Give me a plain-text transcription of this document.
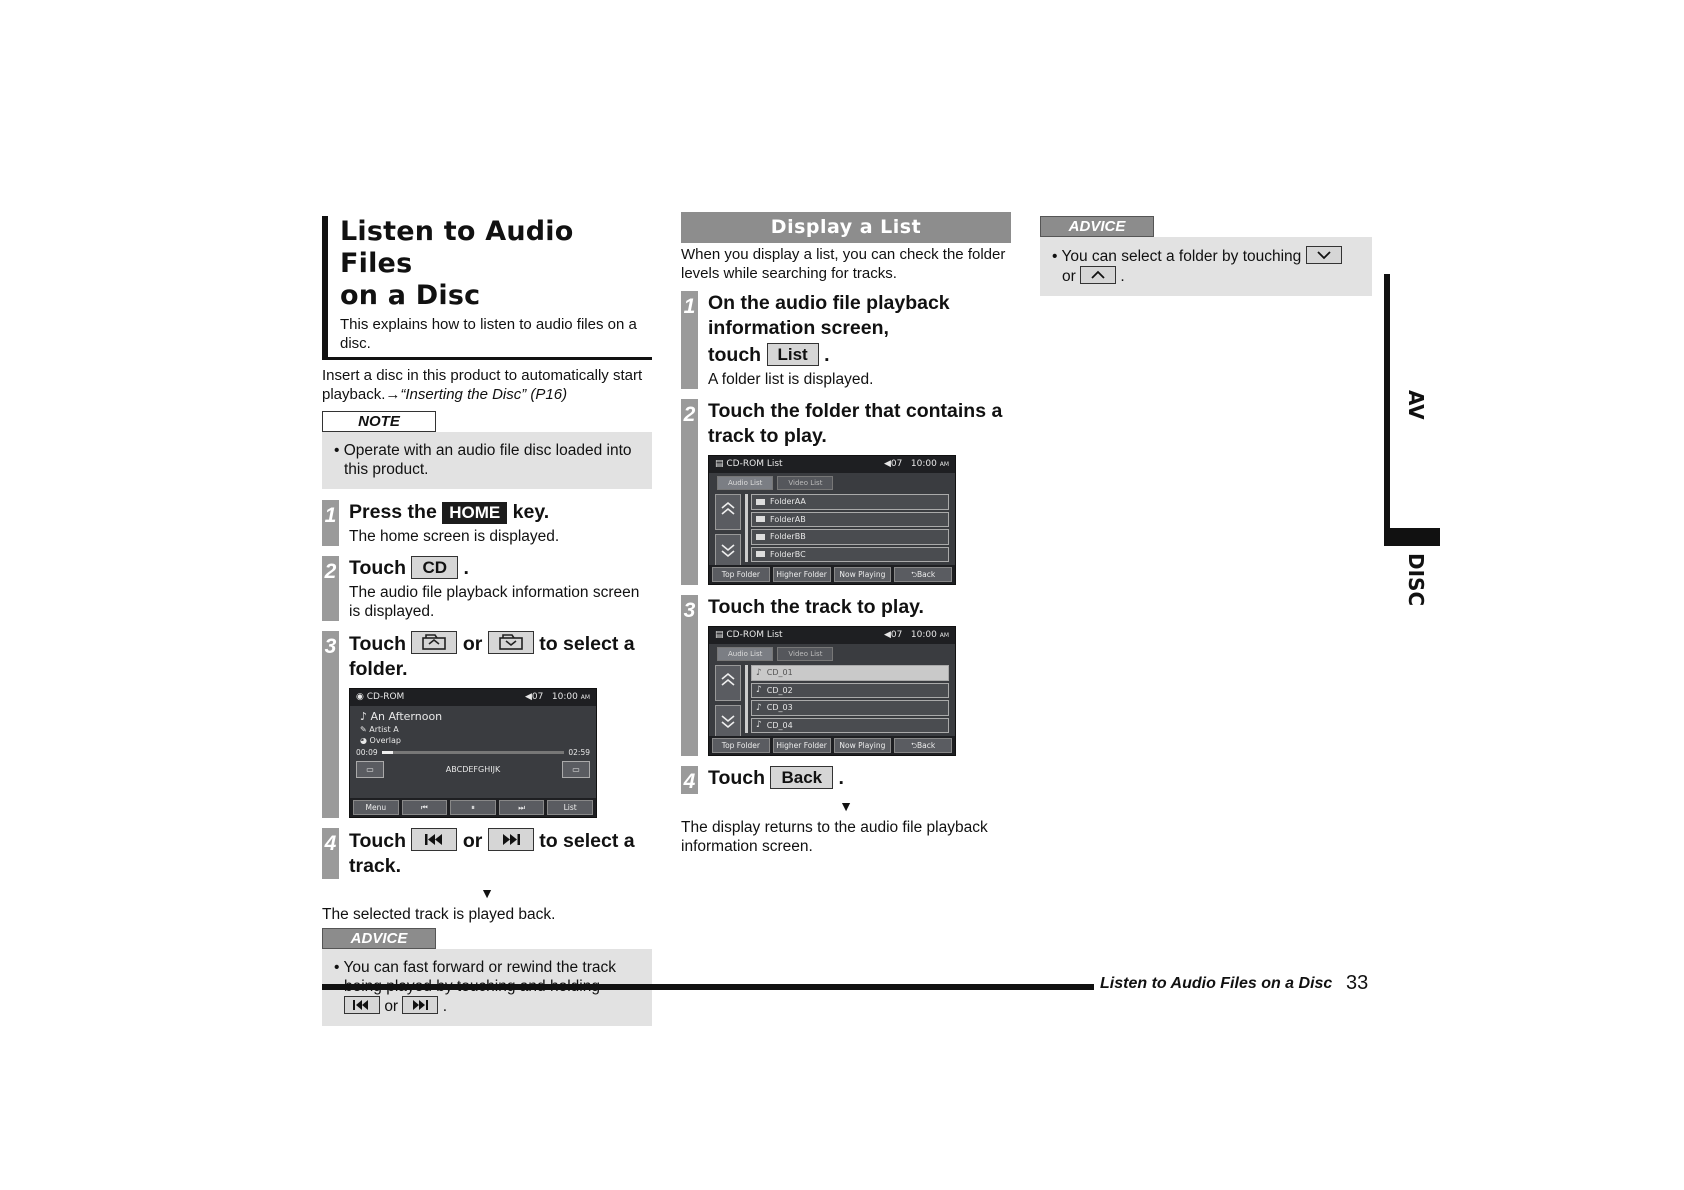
Listen to Audio Files
on a Disc
This explains how to listen to audio files on a disc.
Insert a disc in this product to automatically start playback.→“Inserting the Disc” (P16)
NOTE
• Operate with an audio file disc loaded into this product.
1 Press the HOME key.
The home screen is displayed.
2 Touch CD .
The audio file playback information screen is displayed.
3 Touch	or	to select a folder.
◉ CD-ROM	◀07 10:00 AM
♪ An Afternoon
✎ Artist A
◕ Overlap
00:09	02:59
▭	ABCDEFGHIJK	▭
Menu	⏮	⏸	⏭	List
4 Touch	or	to select a track.
▼
The selected track is played back.
ADVICE
• You can fast forward or rewind the track

or	.
Display a List
When you display a list, you can check the folder levels while searching for tracks.
1 On the audio file playback information screen,
touch List .
A folder list is displayed.
2 Touch the folder that contains a track to play.
▤ CD-ROM List	◀07 10:00 AM
Audio List	Video List
FolderAA
FolderAB
FolderBB
FolderBC
Top Folder	Higher Folder	Now Playing	⮌Back
3 Touch the track to play.
▤ CD-ROM List	◀07 10:00 AM
Audio List	Video List
♪ CD_01
♪ CD_02
♪ CD_03
♪ CD_04
Top Folder	Higher Folder	Now Playing	⮌Back
4 Touch Back .
▼
The display returns to the audio file playback information screen.
ADVICE
• You can select a folder by touching

or	.
AV
DISC
Listen to Audio Files on a Disc 33
